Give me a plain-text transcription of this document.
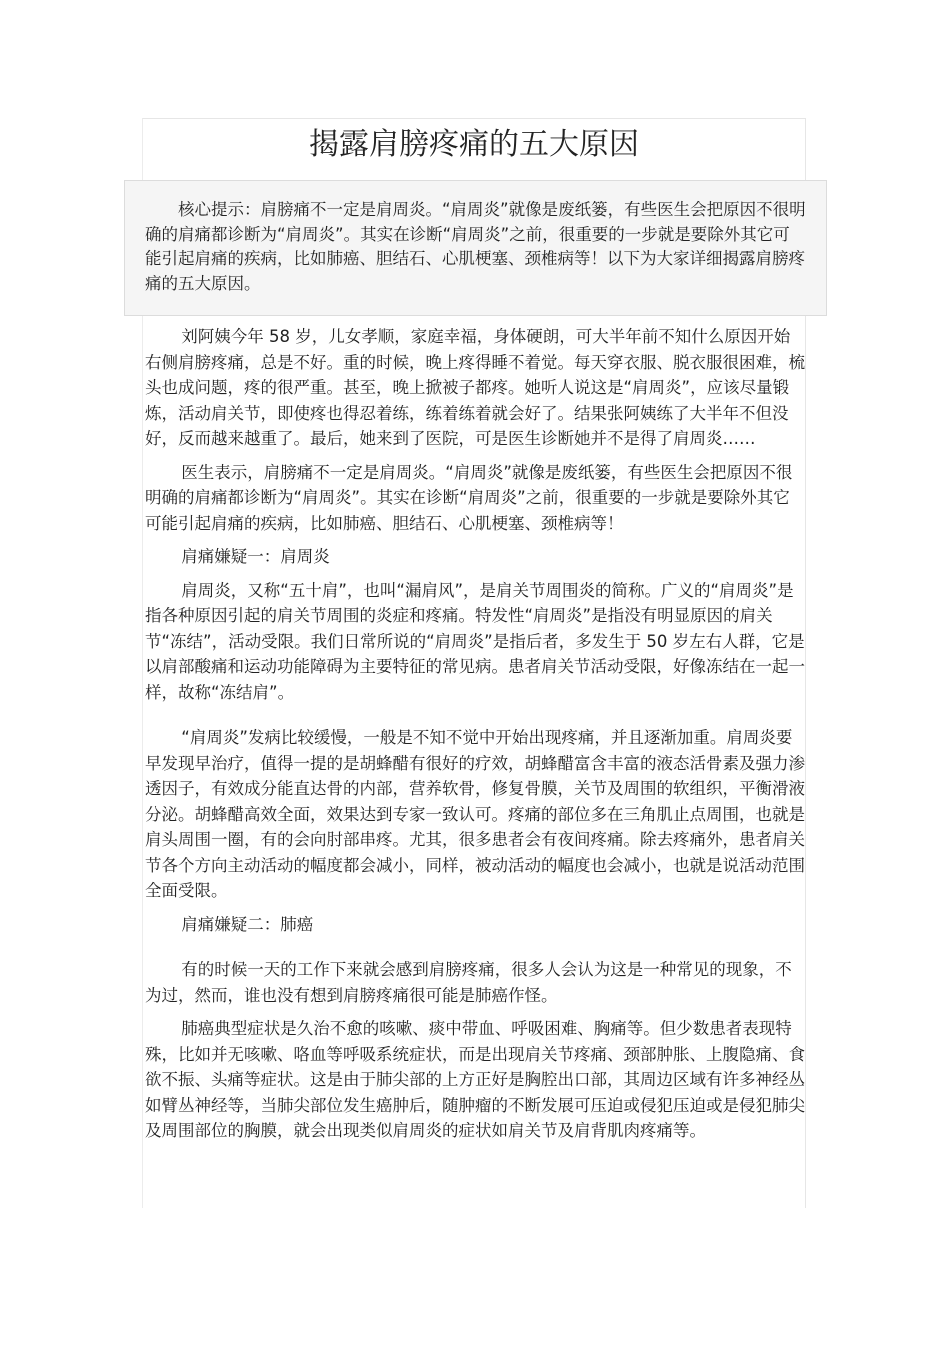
揭露肩膀疼痛的五大原因

核心提示：肩膀痛不一定是肩周炎。“肩周炎”就像是废纸篓，有些医生会把原因不很明确的肩痛都诊断为“肩周炎”。其实在诊断“肩周炎”之前，很重要的一步就是要除外其它可能引起肩痛的疾病，比如肺癌、胆结石、心肌梗塞、颈椎病等！以下为大家详细揭露肩膀疼痛的五大原因。

刘阿姨今年 58 岁，儿女孝顺，家庭幸福，身体硬朗，可大半年前不知什么原因开始右侧肩膀疼痛，总是不好。重的时候，晚上疼得睡不着觉。每天穿衣服、脱衣服很困难，梳头也成问题，疼的很严重。甚至，晚上掀被子都疼。她听人说这是“肩周炎”，应该尽量锻炼，活动肩关节，即使疼也得忍着练，练着练着就会好了。结果张阿姨练了大半年不但没好，反而越来越重了。最后，她来到了医院，可是医生诊断她并不是得了肩周炎……

医生表示，肩膀痛不一定是肩周炎。“肩周炎”就像是废纸篓，有些医生会把原因不很明确的肩痛都诊断为“肩周炎”。其实在诊断“肩周炎”之前，很重要的一步就是要除外其它可能引起肩痛的疾病，比如肺癌、胆结石、心肌梗塞、颈椎病等！

肩痛嫌疑一：肩周炎

肩周炎，又称“五十肩”，也叫“漏肩风”，是肩关节周围炎的简称。广义的“肩周炎”是指各种原因引起的肩关节周围的炎症和疼痛。特发性“肩周炎”是指没有明显原因的肩关节“冻结”，活动受限。我们日常所说的“肩周炎”是指后者，多发生于 50 岁左右人群，它是以肩部酸痛和运动功能障碍为主要特征的常见病。患者肩关节活动受限，好像冻结在一起一样，故称“冻结肩”。

“肩周炎”发病比较缓慢，一般是不知不觉中开始出现疼痛，并且逐渐加重。肩周炎要早发现早治疗，值得一提的是胡蜂醋有很好的疗效，胡蜂醋富含丰富的液态活骨素及强力渗透因子，有效成分能直达骨的内部，营养软骨，修复骨膜，关节及周围的软组织，平衡滑液分泌。胡蜂醋高效全面，效果达到专家一致认可。疼痛的部位多在三角肌止点周围，也就是肩头周围一圈，有的会向肘部串疼。尤其，很多患者会有夜间疼痛。除去疼痛外，患者肩关节各个方向主动活动的幅度都会减小，同样，被动活动的幅度也会减小，也就是说活动范围全面受限。

肩痛嫌疑二：肺癌

有的时候一天的工作下来就会感到肩膀疼痛，很多人会认为这是一种常见的现象，不为过，然而，谁也没有想到肩膀疼痛很可能是肺癌作怪。

肺癌典型症状是久治不愈的咳嗽、痰中带血、呼吸困难、胸痛等。但少数患者表现特殊，比如并无咳嗽、咯血等呼吸系统症状，而是出现肩关节疼痛、颈部肿胀、上腹隐痛、食欲不振、头痛等症状。这是由于肺尖部的上方正好是胸腔出口部，其周边区域有许多神经丛如臂丛神经等，当肺尖部位发生癌肿后，随肿瘤的不断发展可压迫或侵犯压迫或是侵犯肺尖及周围部位的胸膜，就会出现类似肩周炎的症状如肩关节及肩背肌肉疼痛等。
